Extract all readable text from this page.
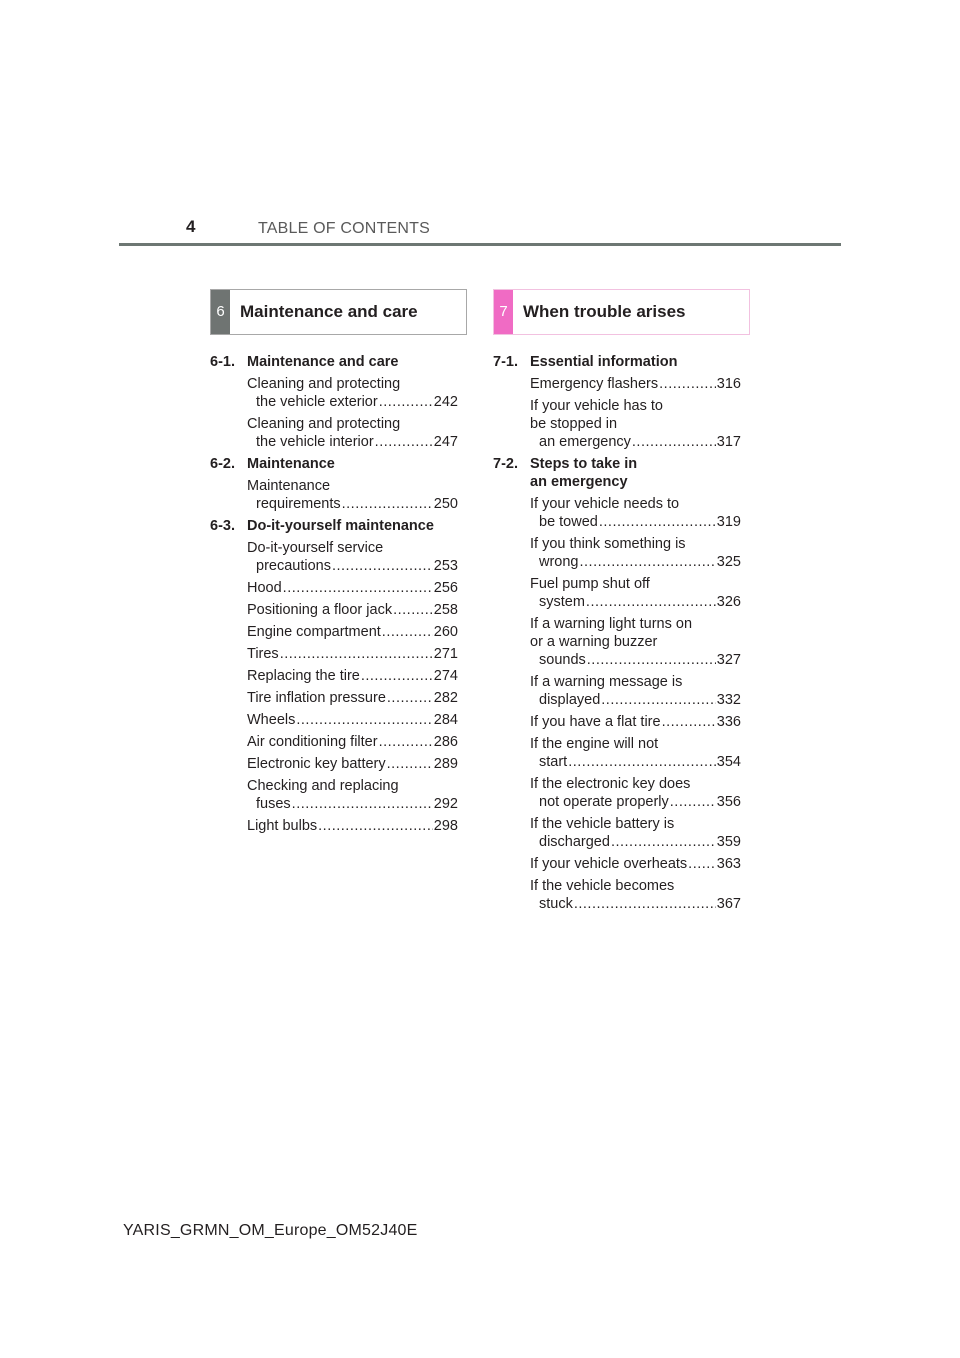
4	TABLE OF CONTENTS
6 Maintenance and care	7 When trouble arises
6-1. Maintenance and care
Cleaning and protecting
the vehicle exterior .....	242
Cleaning and protecting
the vehicle interior .....	247
6-2. Maintenance
Maintenance
requirements .....	250
6-3. Do-it-yourself maintenance
Do-it-yourself service
precautions .....	253
Hood .....	256
Positioning a floor jack .....	258
Engine compartment .....	260
Tires .....	271
Replacing the tire .....	274
Tire inflation pressure .....	282
Wheels .....	284
Air conditioning filter .....	286
Electronic key battery .....	289
Checking and replacing
fuses .....	292
Light bulbs .....	298
7-1. Essential information
Emergency flashers .....	316
If your vehicle has to
be stopped in
an emergency .....	317
7-2. Steps to take in
an emergency
If your vehicle needs to
be towed .....	319
If you think something is
wrong .....	325
Fuel pump shut off
system .....	326
If a warning light turns on
or a warning buzzer
sounds .....	327
If a warning message is
displayed .....	332
If you have a flat tire .....	336
If the engine will not
start .....	354
If the electronic key does
not operate properly .....	356
If the vehicle battery is
discharged .....	359
If your vehicle overheats ..... 363
If the vehicle becomes
stuck .....	367
YARIS_GRMN_OM_Europe_OM52J40E
